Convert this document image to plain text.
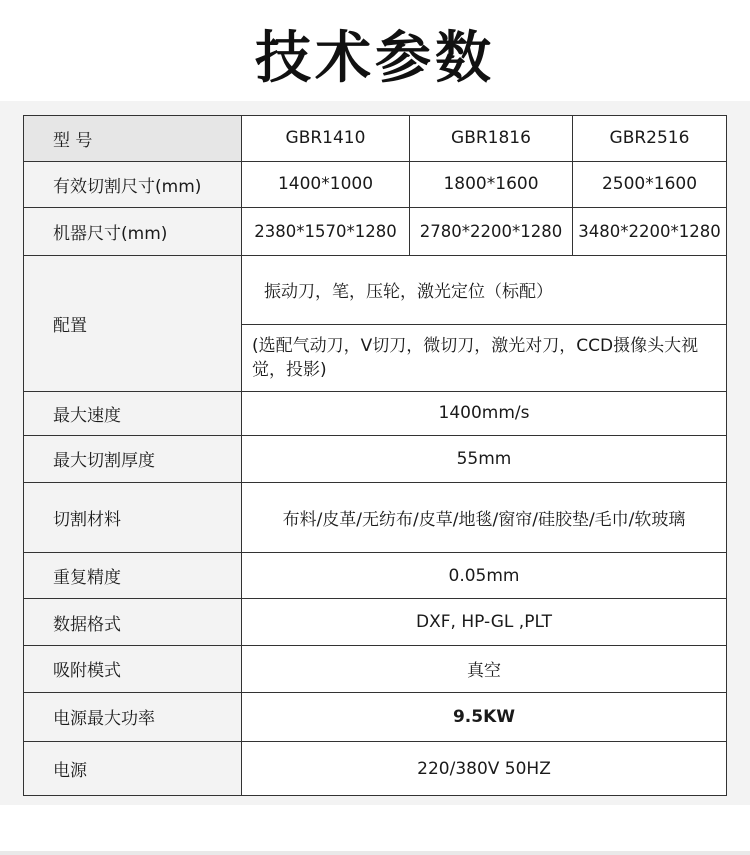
技术参数
型 号	GBR1410	GBR1816	GBR2516
有效切割尺寸(mm)	1400*1000	1800*1600	2500*1600
机器尺寸(mm)	2380*1570*1280	2780*2200*1280	3480*2200*1280
配置	振动刀，笔，压轮，激光定位（标配）		
	(选配气动刀，V切刀，微切刀，激光对刀，CCD摄像头大视觉，投影)		
最大速度	1400mm/s		
最大切割厚度	55mm		
切割材料	布料/皮革/无纺布/皮草/地毯/窗帘/硅胶垫/毛巾/软玻璃		
重复精度	0.05mm		
数据格式	DXF, HP-GL ,PLT		
吸附模式	真空		
电源最大功率	9.5KW		
电源	220/380V 50HZ		
